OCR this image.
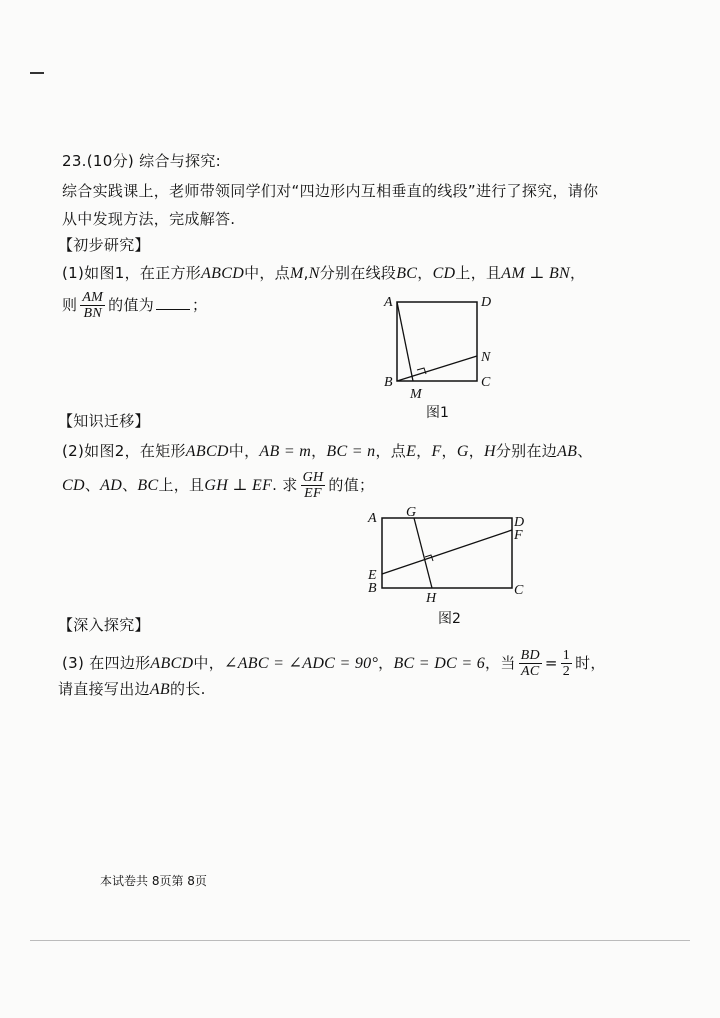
23.(10分) 综合与探究:
综合实践课上，老师带领同学们对“四边形内互相垂直的线段”进行了探究，请你
从中发现方法，完成解答.
【初步研究】
(1)如图1，在正方形ABCD中，点M,N分别在线段BC，CD上，且AM ⊥ BN，
则 $\frac{AM}{BN}$ 的值为	；	A	D
B	C
M
N
图1
【知识迁移】
(2)如图2，在矩形ABCD中，AB = m，BC = n，点E，F，G，H分别在边AB、
CD、AD、BC上，且GH ⊥ EF. 求 $\frac{GH}{EF}$ 的值；
A G
D
F
E
B
H
C
图2
【深入探究】
(3) 在四边形ABCD中，∠ABC = ∠ADC = 90°，BC = DC = 6，当 $\frac{BD}{AC} = \frac{1}{2}$ 时，
请直接写出边AB的长.
本试卷共 8页第 8页
